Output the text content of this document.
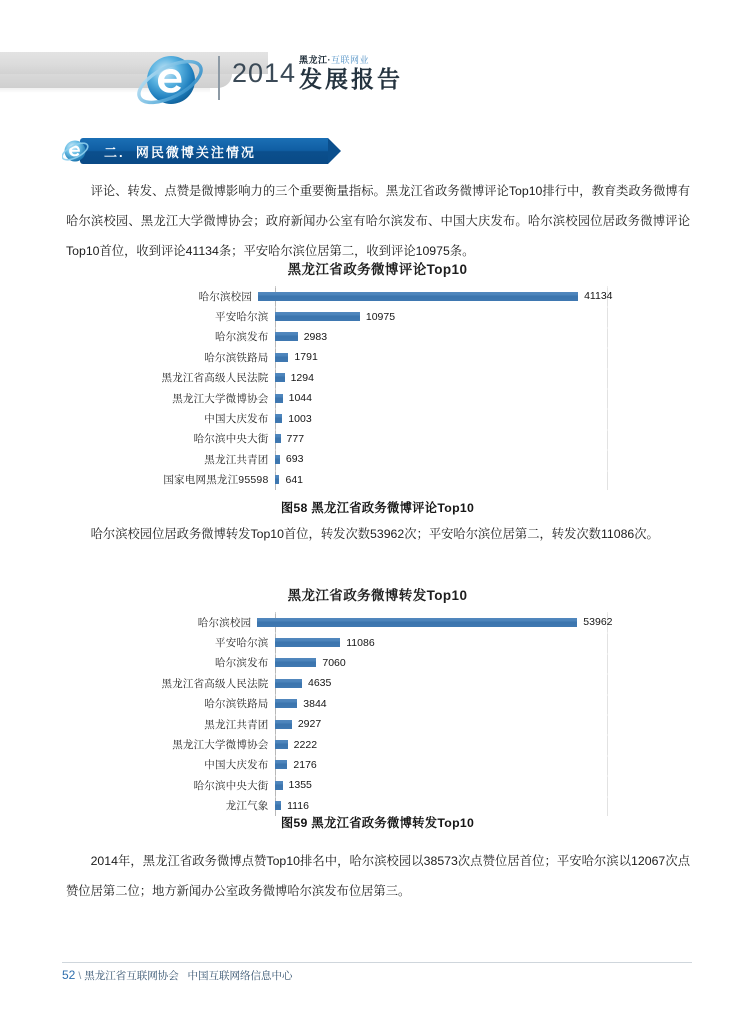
2014 黑龙江·互联网业
发展报告
二. 网民微博关注情况
评论、转发、点赞是微博影响力的三个重要衡量指标。黑龙江省政务微博评论Top10排行中，教育类政务微博有哈尔滨校园、黑龙江大学微博协会；政府新闻办公室有哈尔滨发布、中国大庆发布。哈尔滨校园位居政务微博评论Top10首位，收到评论41134条；平安哈尔滨位居第二，收到评论10975条。
黑龙江省政务微博评论Top10
哈尔滨校园	41134
平安哈尔滨	10975
哈尔滨发布	2983
哈尔滨铁路局	1791
黑龙江省高级人民法院	1294
黑龙江大学微博协会	1044
中国大庆发布	1003
哈尔滨中央大街	777
黑龙江共青团	693
国家电网黑龙江95598	641
图58 黑龙江省政务微博评论Top10
哈尔滨校园位居政务微博转发Top10首位，转发次数53962次；平安哈尔滨位居第二，转发次数11086次。
黑龙江省政务微博转发Top10
哈尔滨校园	53962
平安哈尔滨	11086
哈尔滨发布	7060
黑龙江省高级人民法院	4635
哈尔滨铁路局	3844
黑龙江共青团	2927
黑龙江大学微博协会	2222
中国大庆发布	2176
哈尔滨中央大街	1355
龙江气象	1116
图59 黑龙江省政务微博转发Top10
2014年，黑龙江省政务微博点赞Top10排名中，哈尔滨校园以38573次点赞位居首位；平安哈尔滨以12067次点赞位居第二位；地方新闻办公室政务微博哈尔滨发布位居第三。
52 \ 黑龙江省互联网协会 中国互联网络信息中心
